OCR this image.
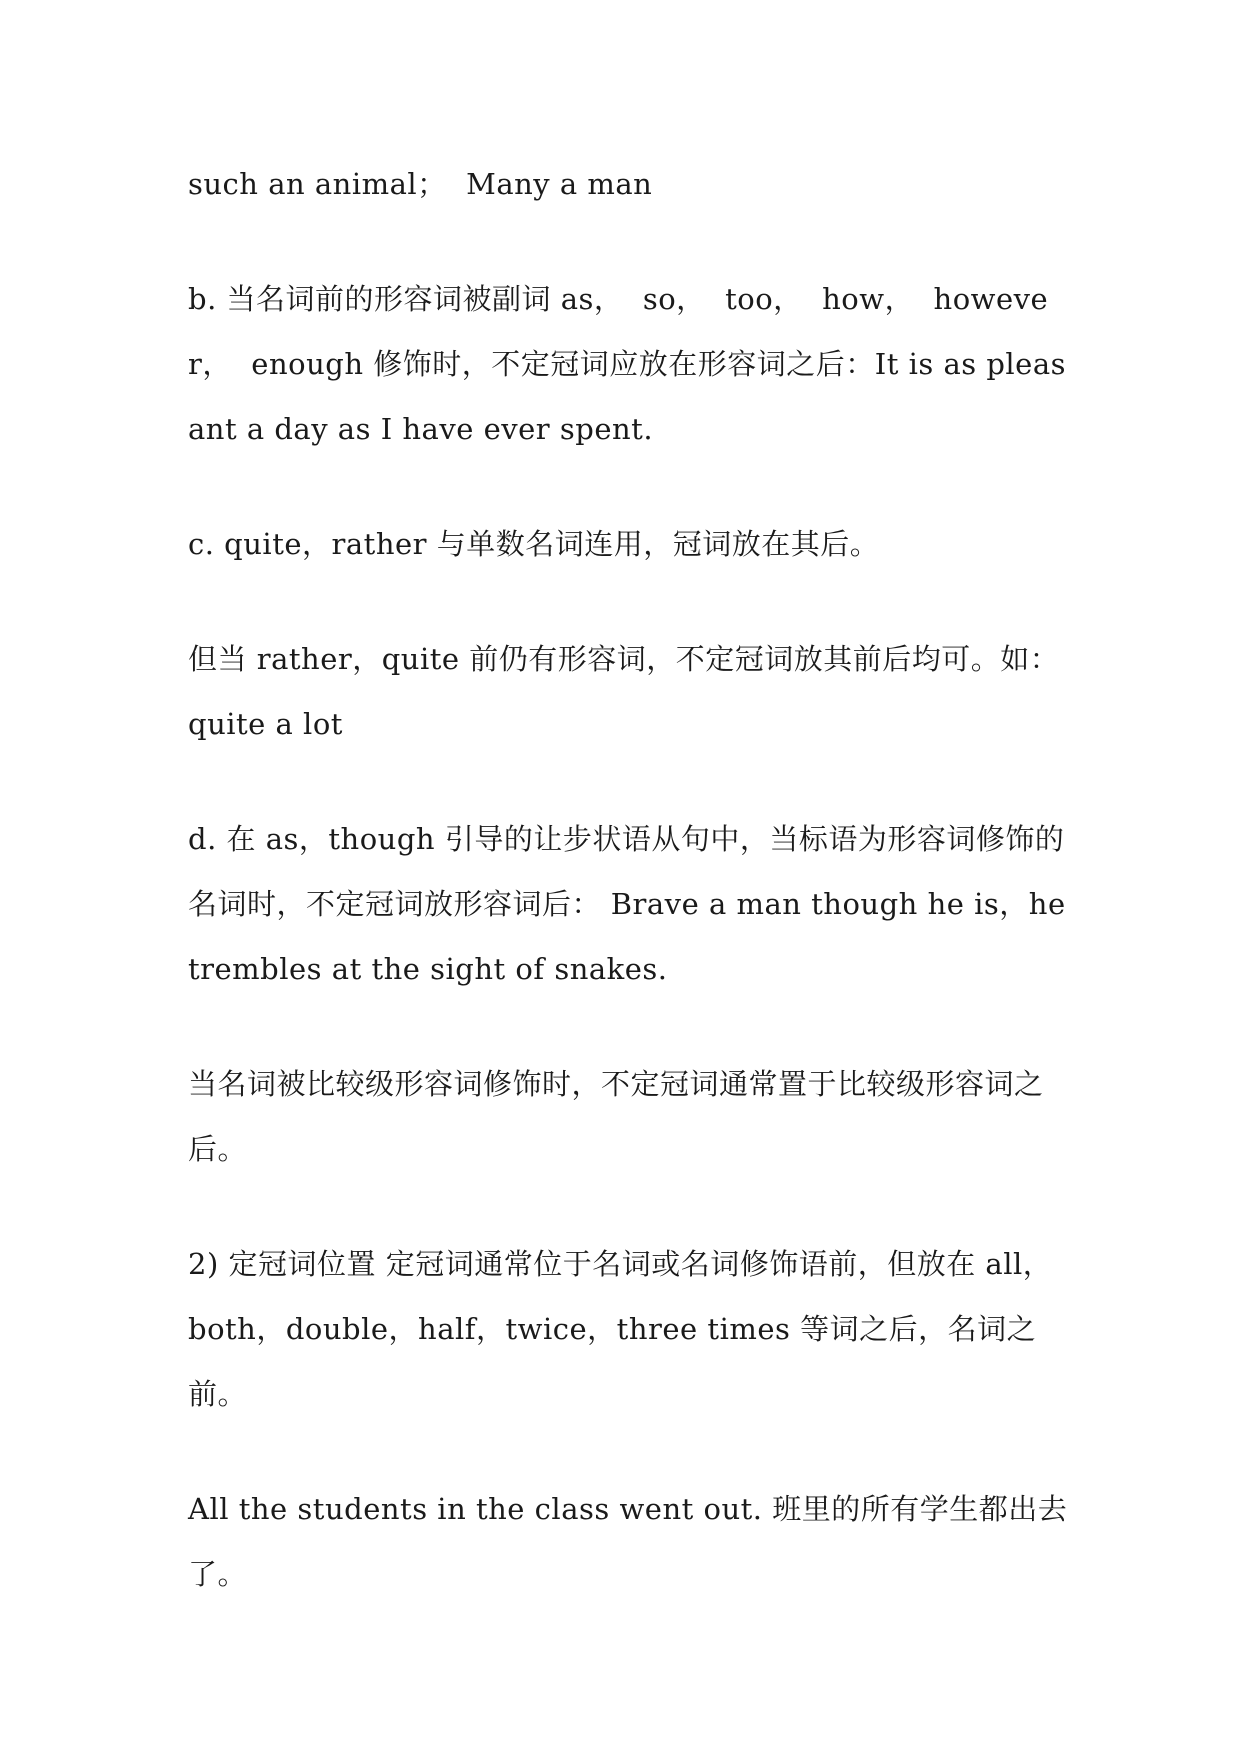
such an animal；  Many a man

b. 当名词前的形容词被副词 as，  so，  too，  how，  however，  enough 修饰时，不定冠词应放在形容词之后：It is as pleasant a day as I have ever spent.

c. quite，rather 与单数名词连用，冠词放在其后。

但当 rather，quite 前仍有形容词，不定冠词放其前后均可。如：quite a lot

d. 在 as，though 引导的让步状语从句中，当标语为形容词修饰的名词时，不定冠词放形容词后： Brave a man though he is，he trembles at the sight of snakes.

当名词被比较级形容词修饰时，不定冠词通常置于比较级形容词之后。

2) 定冠词位置 定冠词通常位于名词或名词修饰语前，但放在 all， both，double，half，twice，three times 等词之后，名词之前。

All the students in the class went out. 班里的所有学生都出去了。
